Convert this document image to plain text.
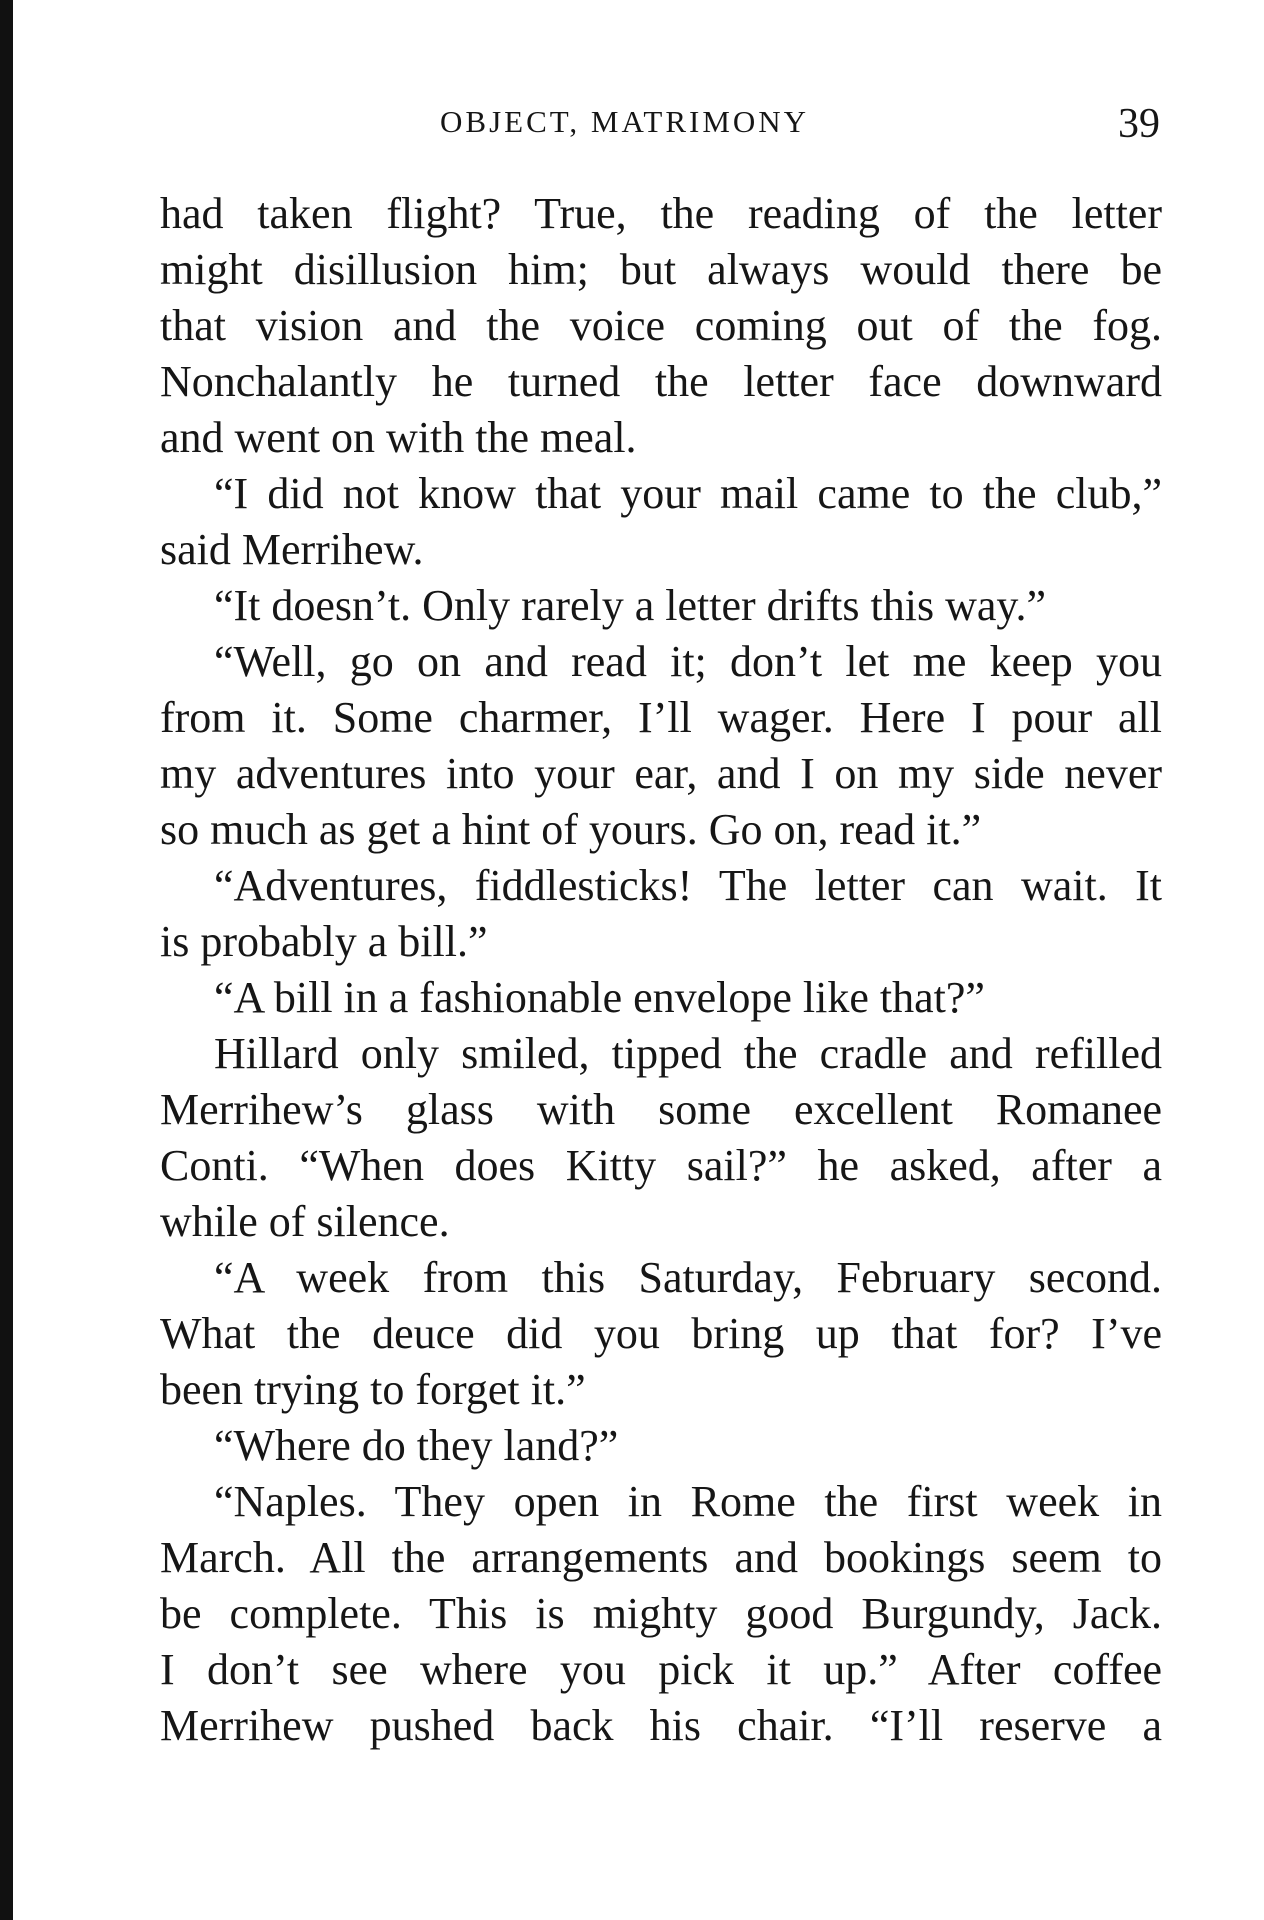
OBJECT, MATRIMONY	39
had taken flight? True, the reading of the letter
might disillusion him; but always would there be
that vision and the voice coming out of the fog.
Nonchalantly he turned the letter face downward
and went on with the meal.
“I did not know that your mail came to the club,”
said Merrihew.
“It doesn’t. Only rarely a letter drifts this way.”
“Well, go on and read it; don’t let me keep you
from it. Some charmer, I’ll wager. Here I pour all
my adventures into your ear, and I on my side never
so much as get a hint of yours. Go on, read it.”
“Adventures, fiddlesticks! The letter can wait. It
is probably a bill.”
“A bill in a fashionable envelope like that?”
Hillard only smiled, tipped the cradle and refilled
Merrihew’s glass with some excellent Romanee
Conti. “When does Kitty sail?” he asked, after a
while of silence.
“A week from this Saturday, February second.
What the deuce did you bring up that for? I’ve
been trying to forget it.”
“Where do they land?”
“Naples. They open in Rome the first week in
March. All the arrangements and bookings seem to
be complete. This is mighty good Burgundy, Jack.
I don’t see where you pick it up.” After coffee
Merrihew pushed back his chair. “I’ll reserve a
